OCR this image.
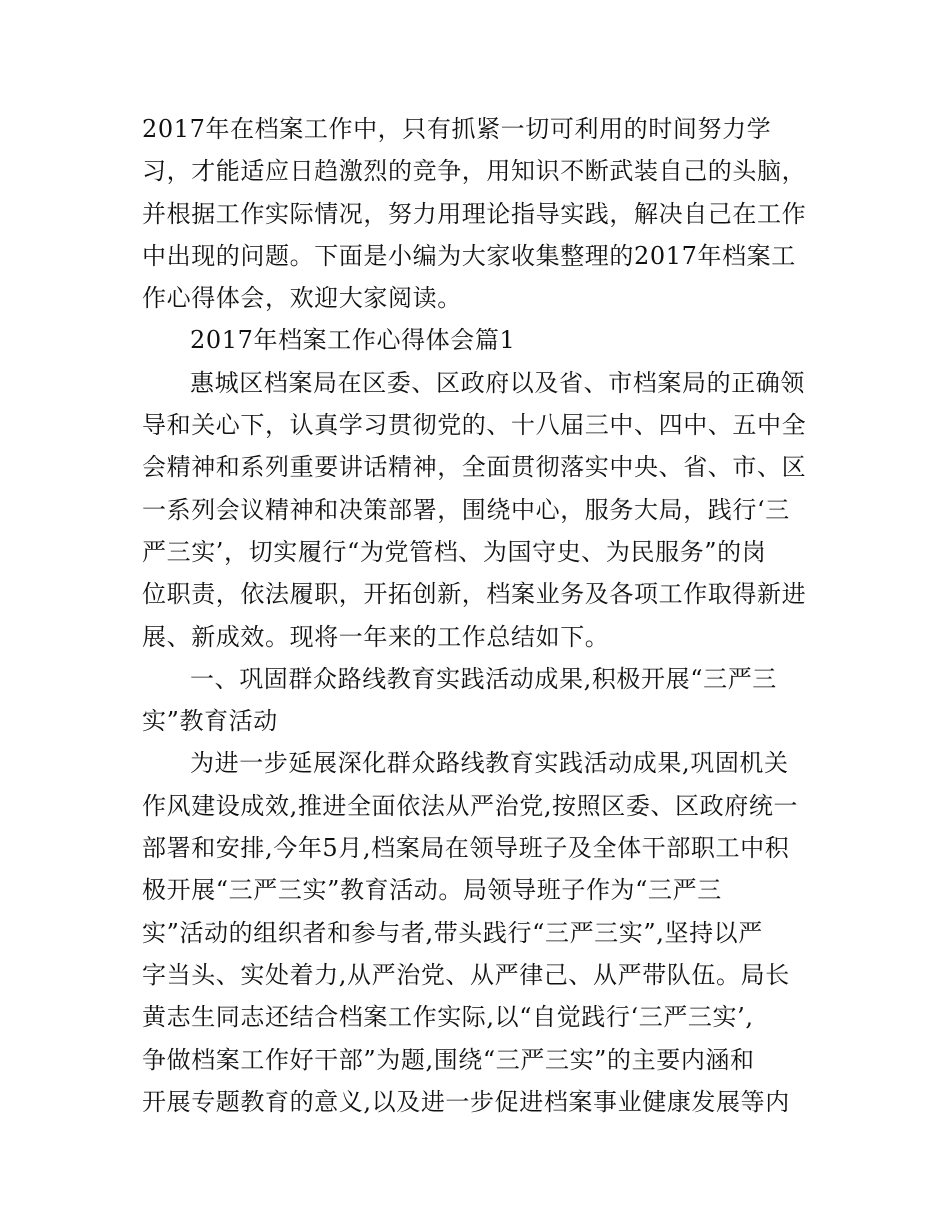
2017年在档案工作中，只有抓紧一切可利用的时间努力学
习，才能适应日趋激烈的竞争，用知识不断武装自己的头脑，
并根据工作实际情况，努力用理论指导实践，解决自己在工作
中出现的问题。下面是小编为大家收集整理的2017年档案工
作心得体会，欢迎大家阅读。
2017年档案工作心得体会篇1
惠城区档案局在区委、区政府以及省、市档案局的正确领
导和关心下，认真学习贯彻党的、十八届三中、四中、五中全
会精神和系列重要讲话精神，全面贯彻落实中央、省、市、区
一系列会议精神和决策部署，围绕中心，服务大局，践行‘三
严三实’，切实履行“为党管档、为国守史、为民服务”的岗
位职责，依法履职，开拓创新，档案业务及各项工作取得新进
展、新成效。现将一年来的工作总结如下。
一、巩固群众路线教育实践活动成果,积极开展“三严三
实”教育活动
为进一步延展深化群众路线教育实践活动成果,巩固机关
作风建设成效,推进全面依法从严治党,按照区委、区政府统一
部署和安排,今年5月,档案局在领导班子及全体干部职工中积
极开展“三严三实”教育活动。局领导班子作为“三严三
实”活动的组织者和参与者,带头践行“三严三实”,坚持以严
字当头、实处着力,从严治党、从严律己、从严带队伍。局长
黄志生同志还结合档案工作实际,以“自觉践行‘三严三实’,
争做档案工作好干部”为题,围绕“三严三实”的主要内涵和
开展专题教育的意义,以及进一步促进档案事业健康发展等内
